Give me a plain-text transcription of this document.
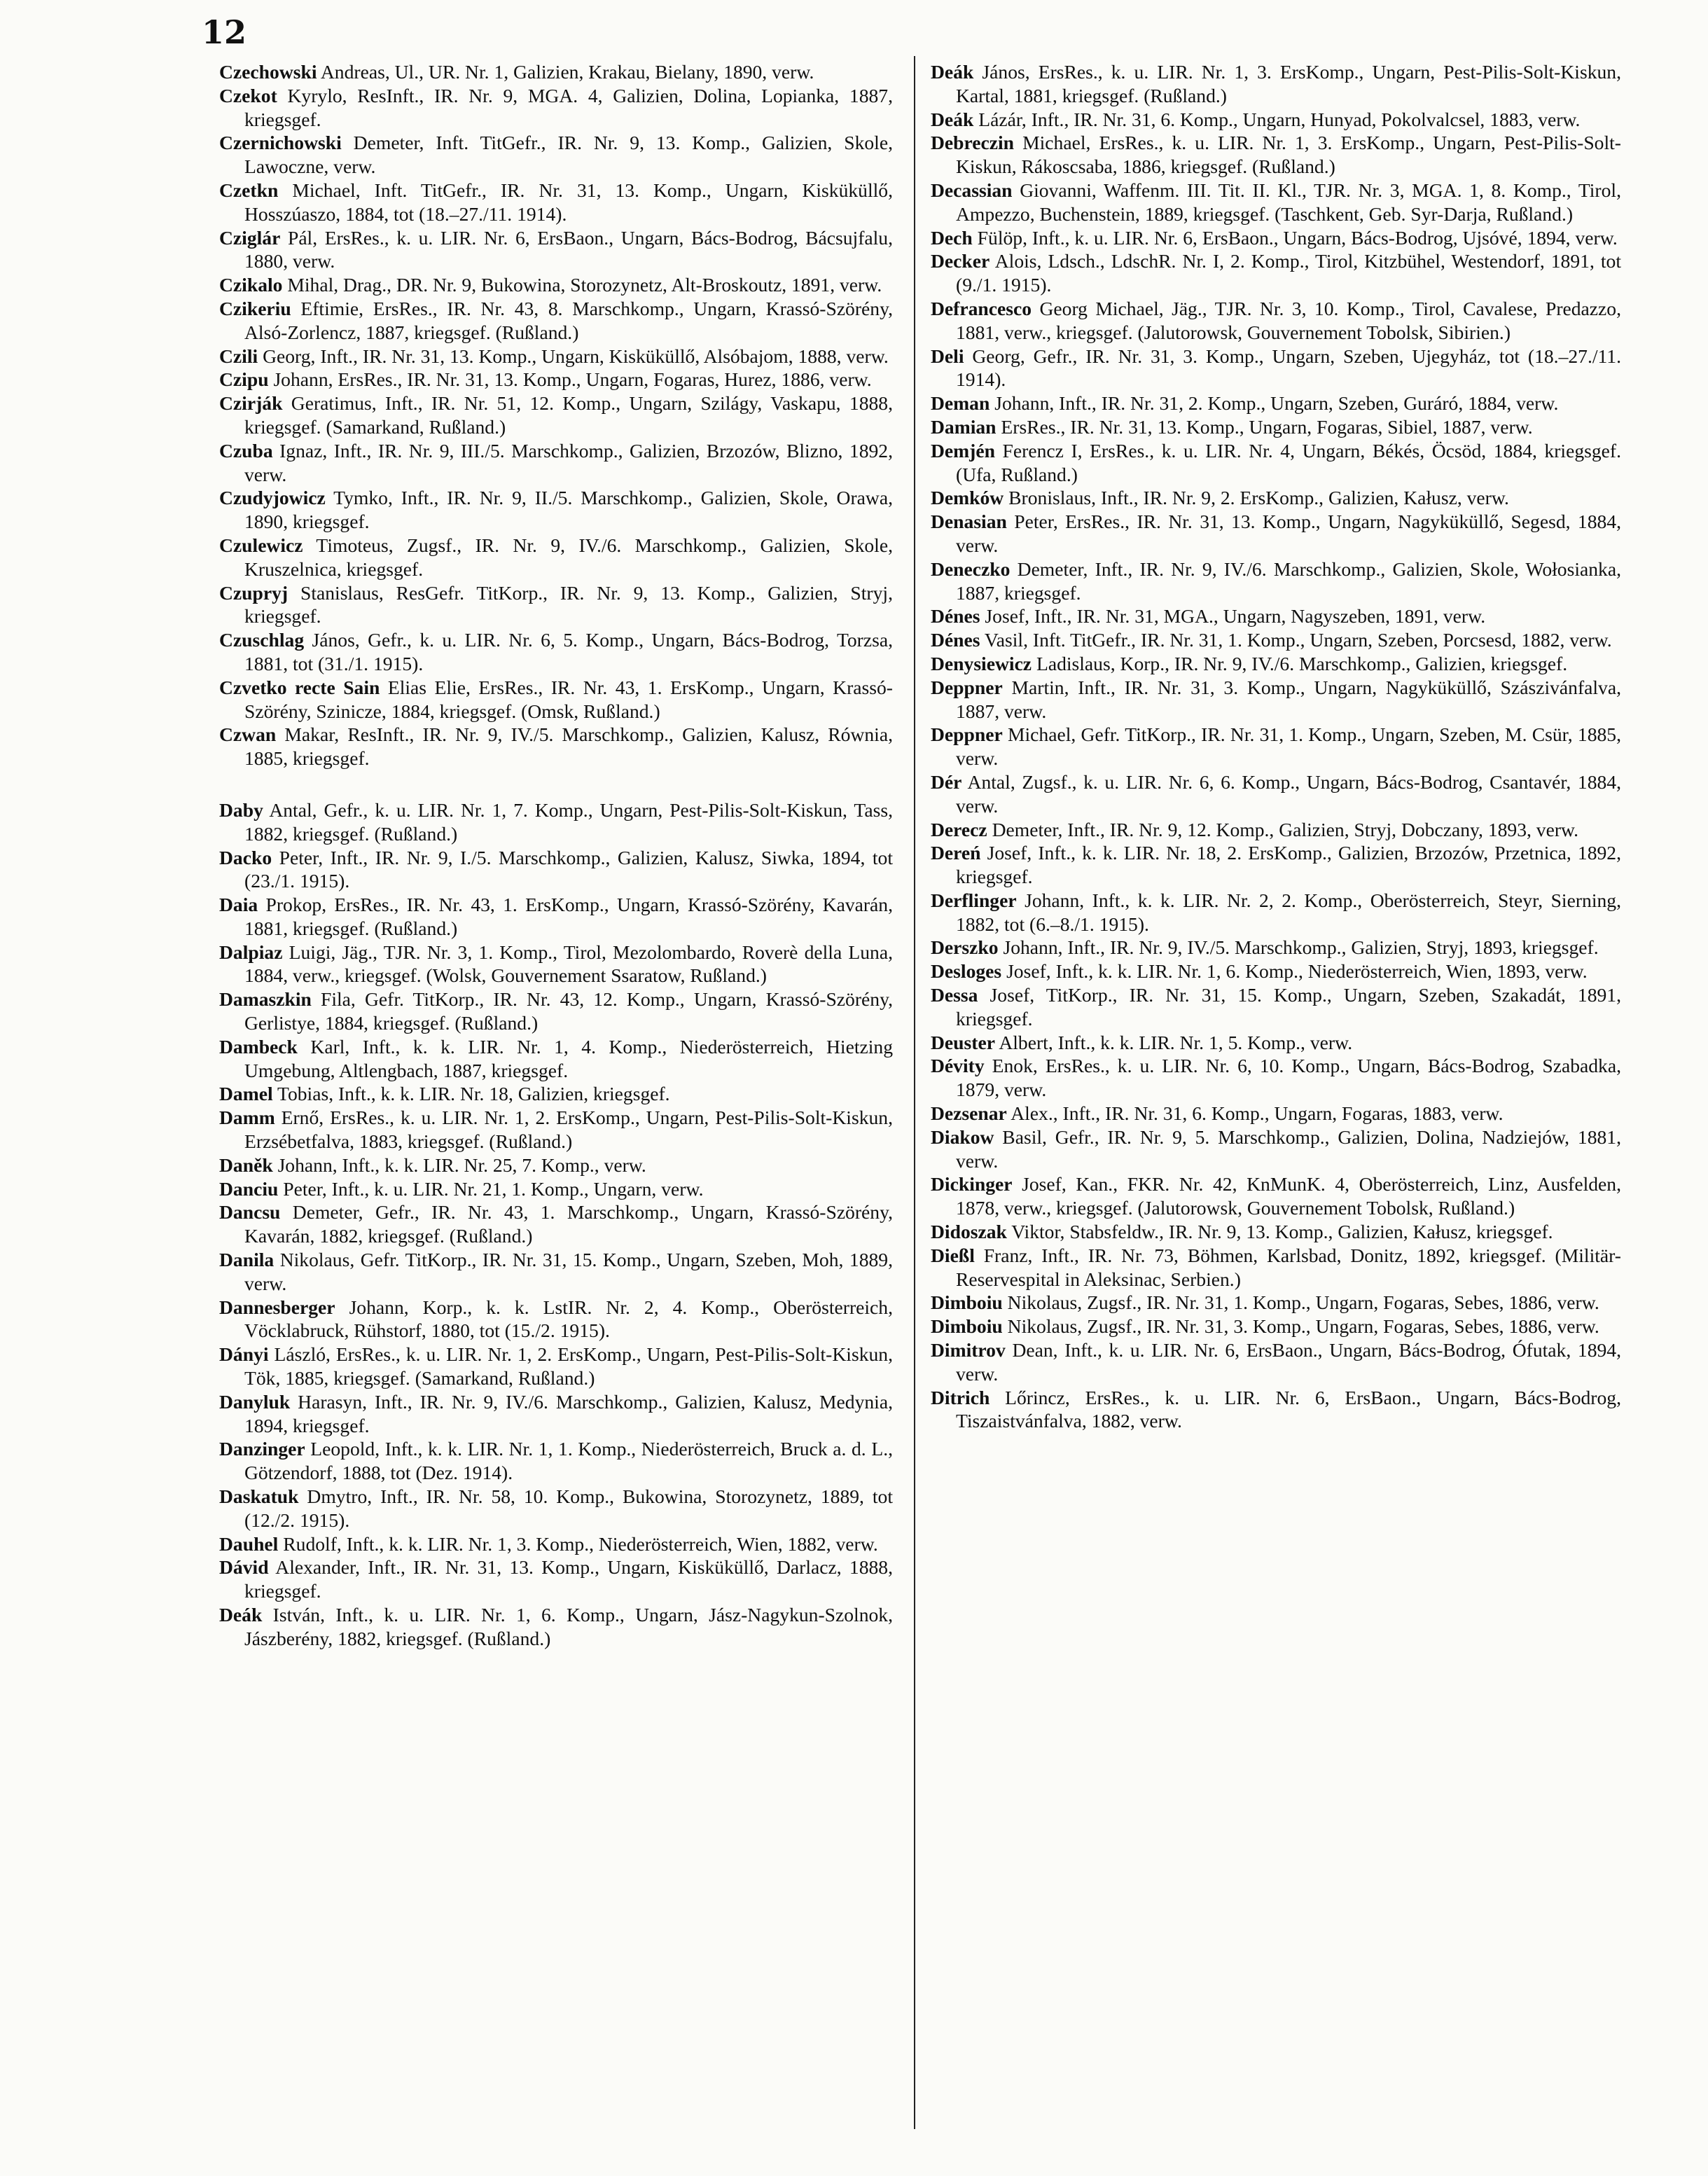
12

Czechowski Andreas, Ul., UR. Nr. 1, Galizien, Krakau, Bielany, 1890, verw.

Czekot Kyrylo, ResInft., IR. Nr. 9, MGA. 4, Galizien, Dolina, Lopianka, 1887, kriegsgef.

Czernichowski Demeter, Inft. TitGefr., IR. Nr. 9, 13. Komp., Galizien, Skole, Lawoczne, verw.

Czetkn Michael, Inft. TitGefr., IR. Nr. 31, 13. Komp., Ungarn, Kisküküllő, Hosszúaszo, 1884, tot (18.–27./11. 1914).

Cziglár Pál, ErsRes., k. u. LIR. Nr. 6, ErsBaon., Ungarn, Bács-Bodrog, Bácsujfalu, 1880, verw.

Czikalo Mihal, Drag., DR. Nr. 9, Bukowina, Storozynetz, Alt-Broskoutz, 1891, verw.

Czikeriu Eftimie, ErsRes., IR. Nr. 43, 8. Marschkomp., Ungarn, Krassó-Szörény, Alsó-Zorlencz, 1887, kriegsgef. (Rußland.)

Czili Georg, Inft., IR. Nr. 31, 13. Komp., Ungarn, Kisküküllő, Alsóbajom, 1888, verw.

Czipu Johann, ErsRes., IR. Nr. 31, 13. Komp., Ungarn, Fogaras, Hurez, 1886, verw.

Czirják Geratimus, Inft., IR. Nr. 51, 12. Komp., Ungarn, Szilágy, Vaskapu, 1888, kriegsgef. (Samarkand, Rußland.)

Czuba Ignaz, Inft., IR. Nr. 9, III./5. Marschkomp., Galizien, Brzozów, Blizno, 1892, verw.

Czudyjowicz Tymko, Inft., IR. Nr. 9, II./5. Marschkomp., Galizien, Skole, Orawa, 1890, kriegsgef.

Czulewicz Timoteus, Zugsf., IR. Nr. 9, IV./6. Marschkomp., Galizien, Skole, Kruszelnica, kriegsgef.

Czupryj Stanislaus, ResGefr. TitKorp., IR. Nr. 9, 13. Komp., Galizien, Stryj, kriegsgef.

Czuschlag János, Gefr., k. u. LIR. Nr. 6, 5. Komp., Ungarn, Bács-Bodrog, Torzsa, 1881, tot (31./1. 1915).

Czvetko recte Sain Elias Elie, ErsRes., IR. Nr. 43, 1. ErsKomp., Ungarn, Krassó-Szörény, Szinicze, 1884, kriegsgef. (Omsk, Rußland.)

Czwan Makar, ResInft., IR. Nr. 9, IV./5. Marschkomp., Galizien, Kalusz, Równia, 1885, kriegsgef.

Daby Antal, Gefr., k. u. LIR. Nr. 1, 7. Komp., Ungarn, Pest-Pilis-Solt-Kiskun, Tass, 1882, kriegsgef. (Rußland.)

Dacko Peter, Inft., IR. Nr. 9, I./5. Marschkomp., Galizien, Kalusz, Siwka, 1894, tot (23./1. 1915).

Daia Prokop, ErsRes., IR. Nr. 43, 1. ErsKomp., Ungarn, Krassó-Szörény, Kavarán, 1881, kriegsgef. (Rußland.)

Dalpiaz Luigi, Jäg., TJR. Nr. 3, 1. Komp., Tirol, Mezolombardo, Roverè della Luna, 1884, verw., kriegsgef. (Wolsk, Gouvernement Ssaratow, Rußland.)

Damaszkin Fila, Gefr. TitKorp., IR. Nr. 43, 12. Komp., Ungarn, Krassó-Szörény, Gerlistye, 1884, kriegsgef. (Rußland.)

Dambeck Karl, Inft., k. k. LIR. Nr. 1, 4. Komp., Niederösterreich, Hietzing Umgebung, Altlengbach, 1887, kriegsgef.

Damel Tobias, Inft., k. k. LIR. Nr. 18, Galizien, kriegsgef.

Damm Ernő, ErsRes., k. u. LIR. Nr. 1, 2. ErsKomp., Ungarn, Pest-Pilis-Solt-Kiskun, Erzsébetfalva, 1883, kriegsgef. (Rußland.)

Daněk Johann, Inft., k. k. LIR. Nr. 25, 7. Komp., verw.

Danciu Peter, Inft., k. u. LIR. Nr. 21, 1. Komp., Ungarn, verw.

Dancsu Demeter, Gefr., IR. Nr. 43, 1. Marschkomp., Ungarn, Krassó-Szörény, Kavarán, 1882, kriegsgef. (Rußland.)

Danila Nikolaus, Gefr. TitKorp., IR. Nr. 31, 15. Komp., Ungarn, Szeben, Moh, 1889, verw.

Dannesberger Johann, Korp., k. k. LstIR. Nr. 2, 4. Komp., Oberösterreich, Vöcklabruck, Rühstorf, 1880, tot (15./2. 1915).

Dányi László, ErsRes., k. u. LIR. Nr. 1, 2. ErsKomp., Ungarn, Pest-Pilis-Solt-Kiskun, Tök, 1885, kriegsgef. (Samarkand, Rußland.)

Danyluk Harasyn, Inft., IR. Nr. 9, IV./6. Marschkomp., Galizien, Kalusz, Medynia, 1894, kriegsgef.

Danzinger Leopold, Inft., k. k. LIR. Nr. 1, 1. Komp., Niederösterreich, Bruck a. d. L., Götzendorf, 1888, tot (Dez. 1914).

Daskatuk Dmytro, Inft., IR. Nr. 58, 10. Komp., Bukowina, Storozynetz, 1889, tot (12./2. 1915).

Dauhel Rudolf, Inft., k. k. LIR. Nr. 1, 3. Komp., Niederösterreich, Wien, 1882, verw.

Dávid Alexander, Inft., IR. Nr. 31, 13. Komp., Ungarn, Kisküküllő, Darlacz, 1888, kriegsgef.

Deák István, Inft., k. u. LIR. Nr. 1, 6. Komp., Ungarn, Jász-Nagykun-Szolnok, Jászberény, 1882, kriegsgef. (Rußland.)

Deák János, ErsRes., k. u. LIR. Nr. 1, 3. ErsKomp., Ungarn, Pest-Pilis-Solt-Kiskun, Kartal, 1881, kriegsgef. (Rußland.)

Deák Lázár, Inft., IR. Nr. 31, 6. Komp., Ungarn, Hunyad, Pokolvalcsel, 1883, verw.

Debreczin Michael, ErsRes., k. u. LIR. Nr. 1, 3. ErsKomp., Ungarn, Pest-Pilis-Solt-Kiskun, Rákoscsaba, 1886, kriegsgef. (Rußland.)

Decassian Giovanni, Waffenm. III. Tit. II. Kl., TJR. Nr. 3, MGA. 1, 8. Komp., Tirol, Ampezzo, Buchenstein, 1889, kriegsgef. (Taschkent, Geb. Syr-Darja, Rußland.)

Dech Fülöp, Inft., k. u. LIR. Nr. 6, ErsBaon., Ungarn, Bács-Bodrog, Ujsóvé, 1894, verw.

Decker Alois, Ldsch., LdschR. Nr. I, 2. Komp., Tirol, Kitzbühel, Westendorf, 1891, tot (9./1. 1915).

Defrancesco Georg Michael, Jäg., TJR. Nr. 3, 10. Komp., Tirol, Cavalese, Predazzo, 1881, verw., kriegsgef. (Jalutorowsk, Gouvernement Tobolsk, Sibirien.)

Deli Georg, Gefr., IR. Nr. 31, 3. Komp., Ungarn, Szeben, Ujegyház, tot (18.–27./11. 1914).

Deman Johann, Inft., IR. Nr. 31, 2. Komp., Ungarn, Szeben, Guráró, 1884, verw.

Damian ErsRes., IR. Nr. 31, 13. Komp., Ungarn, Fogaras, Sibiel, 1887, verw.

Demjén Ferencz I, ErsRes., k. u. LIR. Nr. 4, Ungarn, Békés, Öcsöd, 1884, kriegsgef. (Ufa, Rußland.)

Demków Bronislaus, Inft., IR. Nr. 9, 2. ErsKomp., Galizien, Kałusz, verw.

Denasian Peter, ErsRes., IR. Nr. 31, 13. Komp., Ungarn, Nagyküküllő, Segesd, 1884, verw.

Deneczko Demeter, Inft., IR. Nr. 9, IV./6. Marschkomp., Galizien, Skole, Wołosianka, 1887, kriegsgef.

Dénes Josef, Inft., IR. Nr. 31, MGA., Ungarn, Nagyszeben, 1891, verw.

Dénes Vasil, Inft. TitGefr., IR. Nr. 31, 1. Komp., Ungarn, Szeben, Porcsesd, 1882, verw.

Denysiewicz Ladislaus, Korp., IR. Nr. 9, IV./6. Marschkomp., Galizien, kriegsgef.

Deppner Martin, Inft., IR. Nr. 31, 3. Komp., Ungarn, Nagyküküllő, Szászivánfalva, 1887, verw.

Deppner Michael, Gefr. TitKorp., IR. Nr. 31, 1. Komp., Ungarn, Szeben, M. Csür, 1885, verw.

Dér Antal, Zugsf., k. u. LIR. Nr. 6, 6. Komp., Ungarn, Bács-Bodrog, Csantavér, 1884, verw.

Derecz Demeter, Inft., IR. Nr. 9, 12. Komp., Galizien, Stryj, Dobczany, 1893, verw.

Dereń Josef, Inft., k. k. LIR. Nr. 18, 2. ErsKomp., Galizien, Brzozów, Przetnica, 1892, kriegsgef.

Derflinger Johann, Inft., k. k. LIR. Nr. 2, 2. Komp., Oberösterreich, Steyr, Sierning, 1882, tot (6.–8./1. 1915).

Derszko Johann, Inft., IR. Nr. 9, IV./5. Marschkomp., Galizien, Stryj, 1893, kriegsgef.

Desloges Josef, Inft., k. k. LIR. Nr. 1, 6. Komp., Niederösterreich, Wien, 1893, verw.

Dessa Josef, TitKorp., IR. Nr. 31, 15. Komp., Ungarn, Szeben, Szakadát, 1891, kriegsgef.

Deuster Albert, Inft., k. k. LIR. Nr. 1, 5. Komp., verw.

Dévity Enok, ErsRes., k. u. LIR. Nr. 6, 10. Komp., Ungarn, Bács-Bodrog, Szabadka, 1879, verw.

Dezsenar Alex., Inft., IR. Nr. 31, 6. Komp., Ungarn, Fogaras, 1883, verw.

Diakow Basil, Gefr., IR. Nr. 9, 5. Marschkomp., Galizien, Dolina, Nadziejów, 1881, verw.

Dickinger Josef, Kan., FKR. Nr. 42, KnMunK. 4, Oberösterreich, Linz, Ausfelden, 1878, verw., kriegsgef. (Jalutorowsk, Gouvernement Tobolsk, Rußland.)

Didoszak Viktor, Stabsfeldw., IR. Nr. 9, 13. Komp., Galizien, Kałusz, kriegsgef.

Dießl Franz, Inft., IR. Nr. 73, Böhmen, Karlsbad, Donitz, 1892, kriegsgef. (Militär-Reservespital in Aleksinac, Serbien.)

Dimboiu Nikolaus, Zugsf., IR. Nr. 31, 1. Komp., Ungarn, Fogaras, Sebes, 1886, verw.

Dimboiu Nikolaus, Zugsf., IR. Nr. 31, 3. Komp., Ungarn, Fogaras, Sebes, 1886, verw.

Dimitrov Dean, Inft., k. u. LIR. Nr. 6, ErsBaon., Ungarn, Bács-Bodrog, Ófutak, 1894, verw.

Ditrich Lőrincz, ErsRes., k. u. LIR. Nr. 6, ErsBaon., Ungarn, Bács-Bodrog, Tiszaistvánfalva, 1882, verw.
